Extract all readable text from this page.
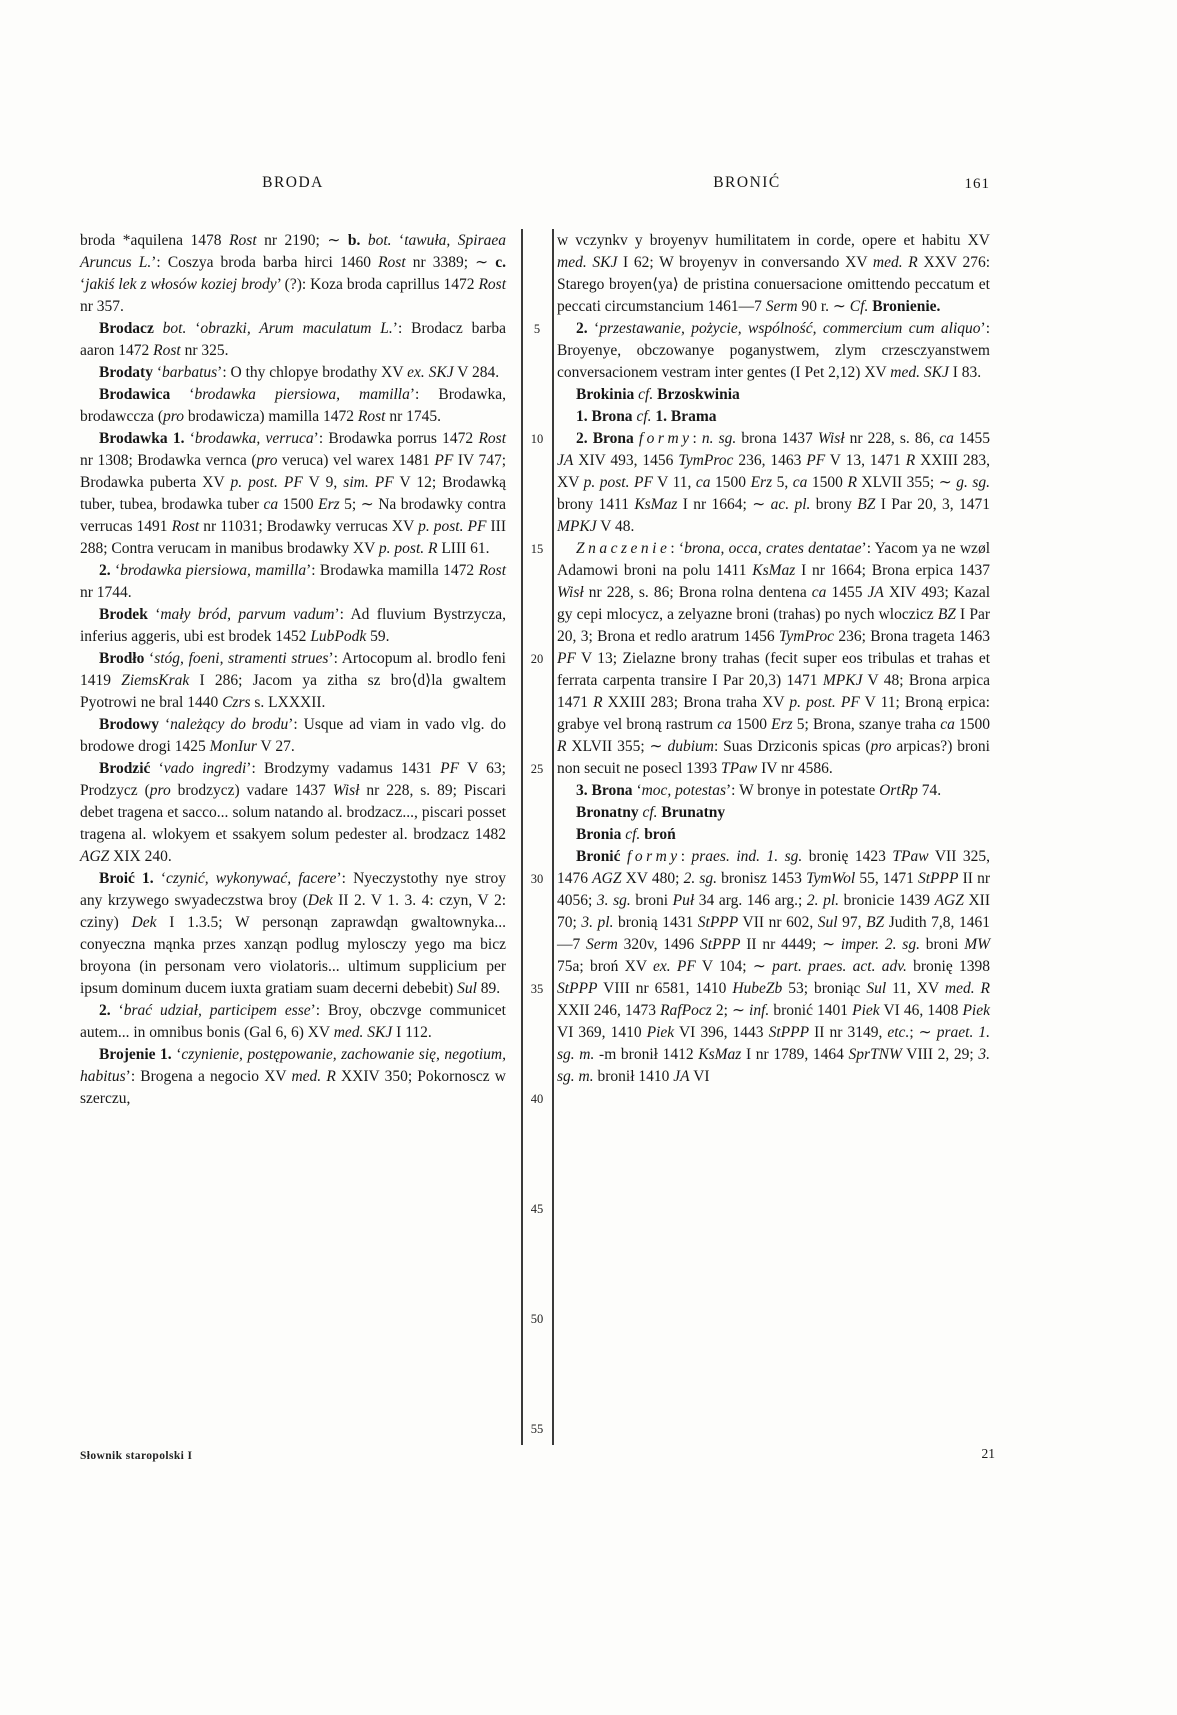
BRODA	BRONIĆ	161

broda *aquilena 1478 Rost nr 2190; ∼ b. bot. ‘tawuła, Spiraea Aruncus L.’: Coszya broda barba hirci 1460 Rost nr 3389; ∼ c. ‘jakiś lek z włosów koziej brody’ (?): Koza broda caprillus 1472 Rost nr 357.

Brodacz bot. ‘obrazki, Arum maculatum L.’: Brodacz barba aaron 1472 Rost nr 325.

Brodaty ‘barbatus’: O thy chlopye brodathy XV ex. SKJ V 284.

Brodawica ‘brodawka piersiowa, mamilla’: Brodawka, brodawccza (pro brodawicza) mamilla 1472 Rost nr 1745.

Brodawka 1. ‘brodawka, verruca’: Brodawka porrus 1472 Rost nr 1308; Brodawka vernca (pro veruca) vel warex 1481 PF IV 747; Brodawka puberta XV p. post. PF V 9, sim. PF V 12; Brodawką tuber, tubea, brodawka tuber ca 1500 Erz 5; ∼ Na brodawky contra verrucas 1491 Rost nr 11031; Brodawky verrucas XV p. post. PF III 288; Contra verucam in manibus brodawky XV p. post. R LIII 61.

2. ‘brodawka piersiowa, mamilla’: Brodawka mamilla 1472 Rost nr 1744.

Brodek ‘mały bród, parvum vadum’: Ad fluvium Bystrzycza, inferius aggeris, ubi est brodek 1452 LubPodk 59.

Brodło ‘stóg, foeni, stramenti strues’: Artocopum al. brodlo feni 1419 ZiemsKrak I 286; Jacom ya zitha sz bro⟨d⟩la gwaltem Pyotrowi ne bral 1440 Czrs s. LXXXII.

Brodowy ‘należący do brodu’: Usque ad viam in vado vlg. do brodowe drogi 1425 MonIur V 27.

Brodzić ‘vado ingredi’: Brodzymy vadamus 1431 PF V 63; Prodzycz (pro brodzycz) vadare 1437 Wisł nr 228, s. 89; Piscari debet tragena et sacco... solum natando al. brodzacz..., piscari posset tragena al. wlokyem et ssakyem solum pedester al. brodzacz 1482 AGZ XIX 240.

Broić 1. ‘czynić, wykonywać, facere’: Nyeczystothy nye stroy any krzywego swyadeczstwa broy (Dek II 2. V 1. 3. 4: czyn, V 2: cziny) Dek I 1.3.5; W personąn zaprawdąn gwaltownyka... conyeczna mąnka przes xanząn podlug mylosczy yego ma bicz broyona (in personam vero violatoris... ultimum supplicium per ipsum dominum ducem iuxta gratiam suam decerni debebit) Sul 89.

2. ‘brać udział, participem esse’: Broy, obczvge communicet autem... in omnibus bonis (Gal 6, 6) XV med. SKJ I 112.

Brojenie 1. ‘czynienie, postępowanie, zachowanie się, negotium, habitus’: Brogena a negocio XV med. R XXIV 350; Pokornoscz w szerczu,

5
10
15
20
25
30
35
40
45
50
55

w vczynkv y broyenyv humilitatem in corde, opere et habitu XV med. SKJ I 62; W broyenyv in conversando XV med. R XXV 276: Starego broyen⟨ya⟩ de pristina conuersacione omittendo peccatum et peccati circumstancium 1461—7 Serm 90 r. ∼ Cf. Bronienie.

2. ‘przestawanie, pożycie, wspólność, commercium cum aliquo’: Broyenye, obczowanye poganystwem, zlym crzesczyanstwem conversacionem vestram inter gentes (I Pet 2,12) XV med. SKJ I 83.

Brokinia cf. Brzoskwinia

1. Brona cf. 1. Brama

2. Brona formy: n. sg. brona 1437 Wisł nr 228, s. 86, ca 1455 JA XIV 493, 1456 TymProc 236, 1463 PF V 13, 1471 R XXIII 283, XV p. post. PF V 11, ca 1500 Erz 5, ca 1500 R XLVII 355; ∼ g. sg. brony 1411 KsMaz I nr 1664; ∼ ac. pl. brony BZ I Par 20, 3, 1471 MPKJ V 48.

Znaczenie: ‘brona, occa, crates dentatae’: Yacom ya ne wzøl Adamowi broni na polu 1411 KsMaz I nr 1664; Brona erpica 1437 Wisł nr 228, s. 86; Brona rolna dentena ca 1455 JA XIV 493; Kazal gy cepi mlocycz, a zelyazne broni (trahas) po nych wloczicz BZ I Par 20, 3; Brona et redlo aratrum 1456 TymProc 236; Brona trageta 1463 PF V 13; Zielazne brony trahas (fecit super eos tribulas et trahas et ferrata carpenta transire I Par 20,3) 1471 MPKJ V 48; Brona arpica 1471 R XXIII 283; Brona traha XV p. post. PF V 11; Broną erpica: grabye vel broną rastrum ca 1500 Erz 5; Brona, szanye traha ca 1500 R XLVII 355; ∼ dubium: Suas Drziconis spicas (pro arpicas?) broni non secuit ne posecl 1393 TPaw IV nr 4586.

3. Brona ‘moc, potestas’: W bronye in potestate OrtRp 74.

Bronatny cf. Brunatny

Bronia cf. broń

Bronić formy: praes. ind. 1. sg. bronię 1423 TPaw VII 325, 1476 AGZ XV 480; 2. sg. bronisz 1453 TymWol 55, 1471 StPPP II nr 4056; 3. sg. broni Puł 34 arg. 146 arg.; 2. pl. bronicie 1439 AGZ XII 70; 3. pl. bronią 1431 StPPP VII nr 602, Sul 97, BZ Judith 7,8, 1461—7 Serm 320v, 1496 StPPP II nr 4449; ∼ imper. 2. sg. broni MW 75a; broń XV ex. PF V 104; ∼ part. praes. act. adv. bronię 1398 StPPP VIII nr 6581, 1410 HubeZb 53; broniąc Sul 11, XV med. R XXII 246, 1473 RafPocz 2; ∼ inf. bronić 1401 Piek VI 46, 1408 Piek VI 369, 1410 Piek VI 396, 1443 StPPP II nr 3149, etc.; ∼ praet. 1. sg. m. -m bronił 1412 KsMaz I nr 1789, 1464 SprTNW VIII 2, 29; 3. sg. m. bronił 1410 JA VI

Słownik staropolski I	21
